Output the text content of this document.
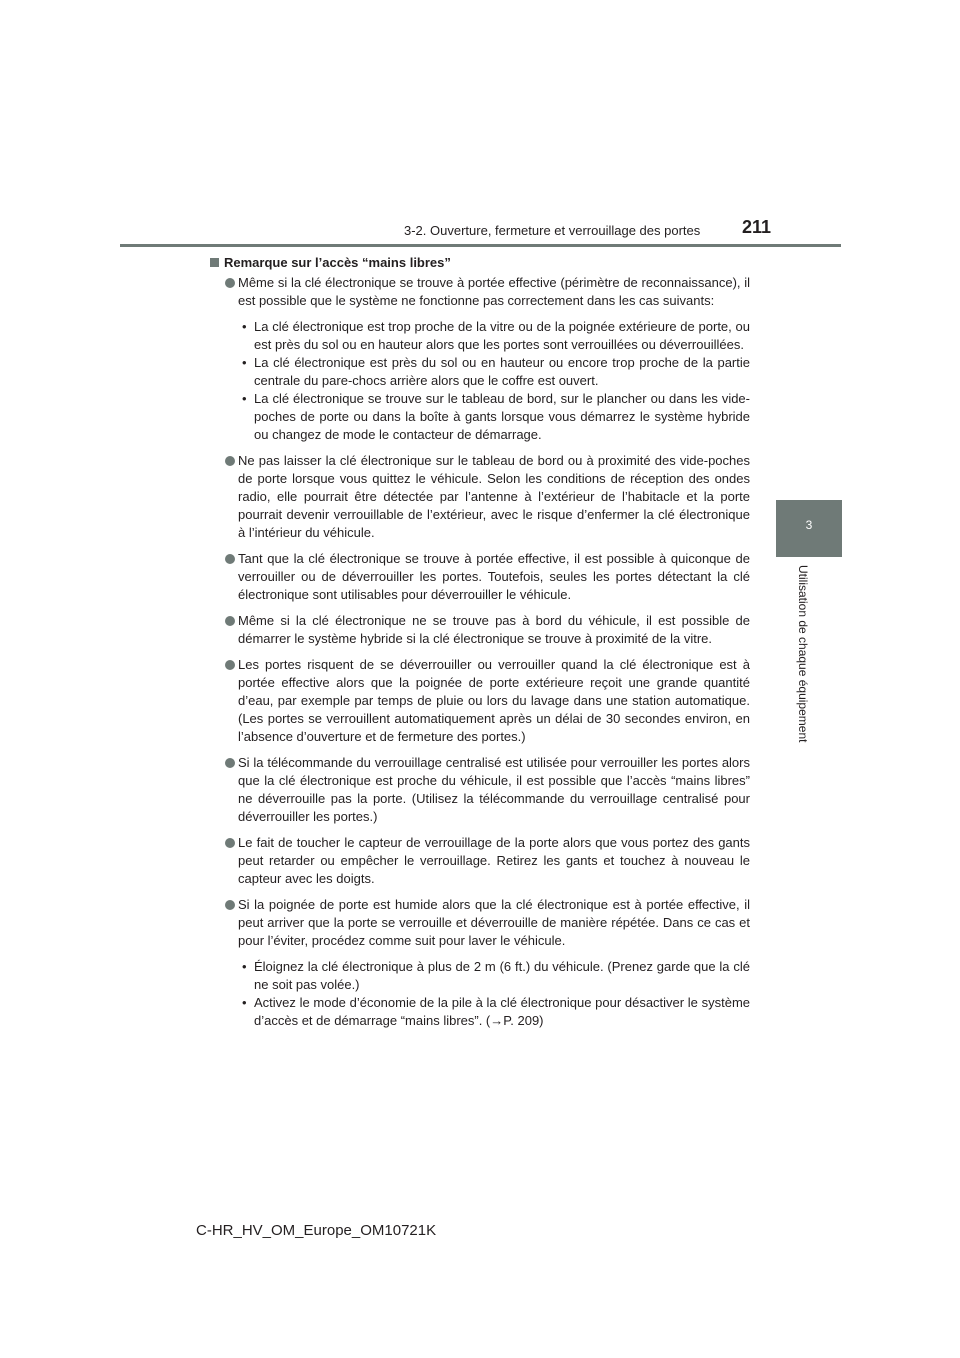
3-2. Ouverture, fermeture et verrouillage des portes 211
3
Utilisation de chaque équipement
Remarque sur l’accès “mains libres”
Même si la clé électronique se trouve à portée effective (périmètre de reconnaissance), il est possible que le système ne fonctionne pas correctement dans les cas suivants:
• La clé électronique est trop proche de la vitre ou de la poignée extérieure de porte, ou est près du sol ou en hauteur alors que les portes sont verrouillées ou déverrouillées.
• La clé électronique est près du sol ou en hauteur ou encore trop proche de la partie centrale du pare-chocs arrière alors que le coffre est ouvert.
• La clé électronique se trouve sur le tableau de bord, sur le plancher ou dans les vide-poches de porte ou dans la boîte à gants lorsque vous démarrez le système hybride ou changez de mode le contacteur de démarrage.
Ne pas laisser la clé électronique sur le tableau de bord ou à proximité des vide-poches de porte lorsque vous quittez le véhicule. Selon les conditions de réception des ondes radio, elle pourrait être détectée par l’antenne à l’extérieur de l’habitacle et la porte pourrait devenir verrouillable de l’extérieur, avec le risque d’enfermer la clé électronique à l’intérieur du véhicule.
Tant que la clé électronique se trouve à portée effective, il est possible à quiconque de verrouiller ou de déverrouiller les portes. Toutefois, seules les portes détectant la clé électronique sont utilisables pour déverrouiller le véhicule.
Même si la clé électronique ne se trouve pas à bord du véhicule, il est possible de démarrer le système hybride si la clé électronique se trouve à proximité de la vitre.
Les portes risquent de se déverrouiller ou verrouiller quand la clé électronique est à portée effective alors que la poignée de porte extérieure reçoit une grande quantité d’eau, par exemple par temps de pluie ou lors du lavage dans une station automatique. (Les portes se verrouillent automatiquement après un délai de 30 secondes environ, en l’absence d’ouverture et de fermeture des portes.)
Si la télécommande du verrouillage centralisé est utilisée pour verrouiller les portes alors que la clé électronique est proche du véhicule, il est possible que l’accès “mains libres” ne déverrouille pas la porte. (Utilisez la télécommande du verrouillage centralisé pour déverrouiller les portes.)
Le fait de toucher le capteur de verrouillage de la porte alors que vous portez des gants peut retarder ou empêcher le verrouillage. Retirez les gants et touchez à nouveau le capteur avec les doigts.
Si la poignée de porte est humide alors que la clé électronique est à portée effective, il peut arriver que la porte se verrouille et déverrouille de manière répétée. Dans ce cas et pour l’éviter, procédez comme suit pour laver le véhicule.
• Éloignez la clé électronique à plus de 2 m (6 ft.) du véhicule. (Prenez garde que la clé ne soit pas volée.)
• Activez le mode d’économie de la pile à la clé électronique pour désactiver le système d’accès et de démarrage “mains libres”. (→P. 209)
C-HR_HV_OM_Europe_OM10721K
